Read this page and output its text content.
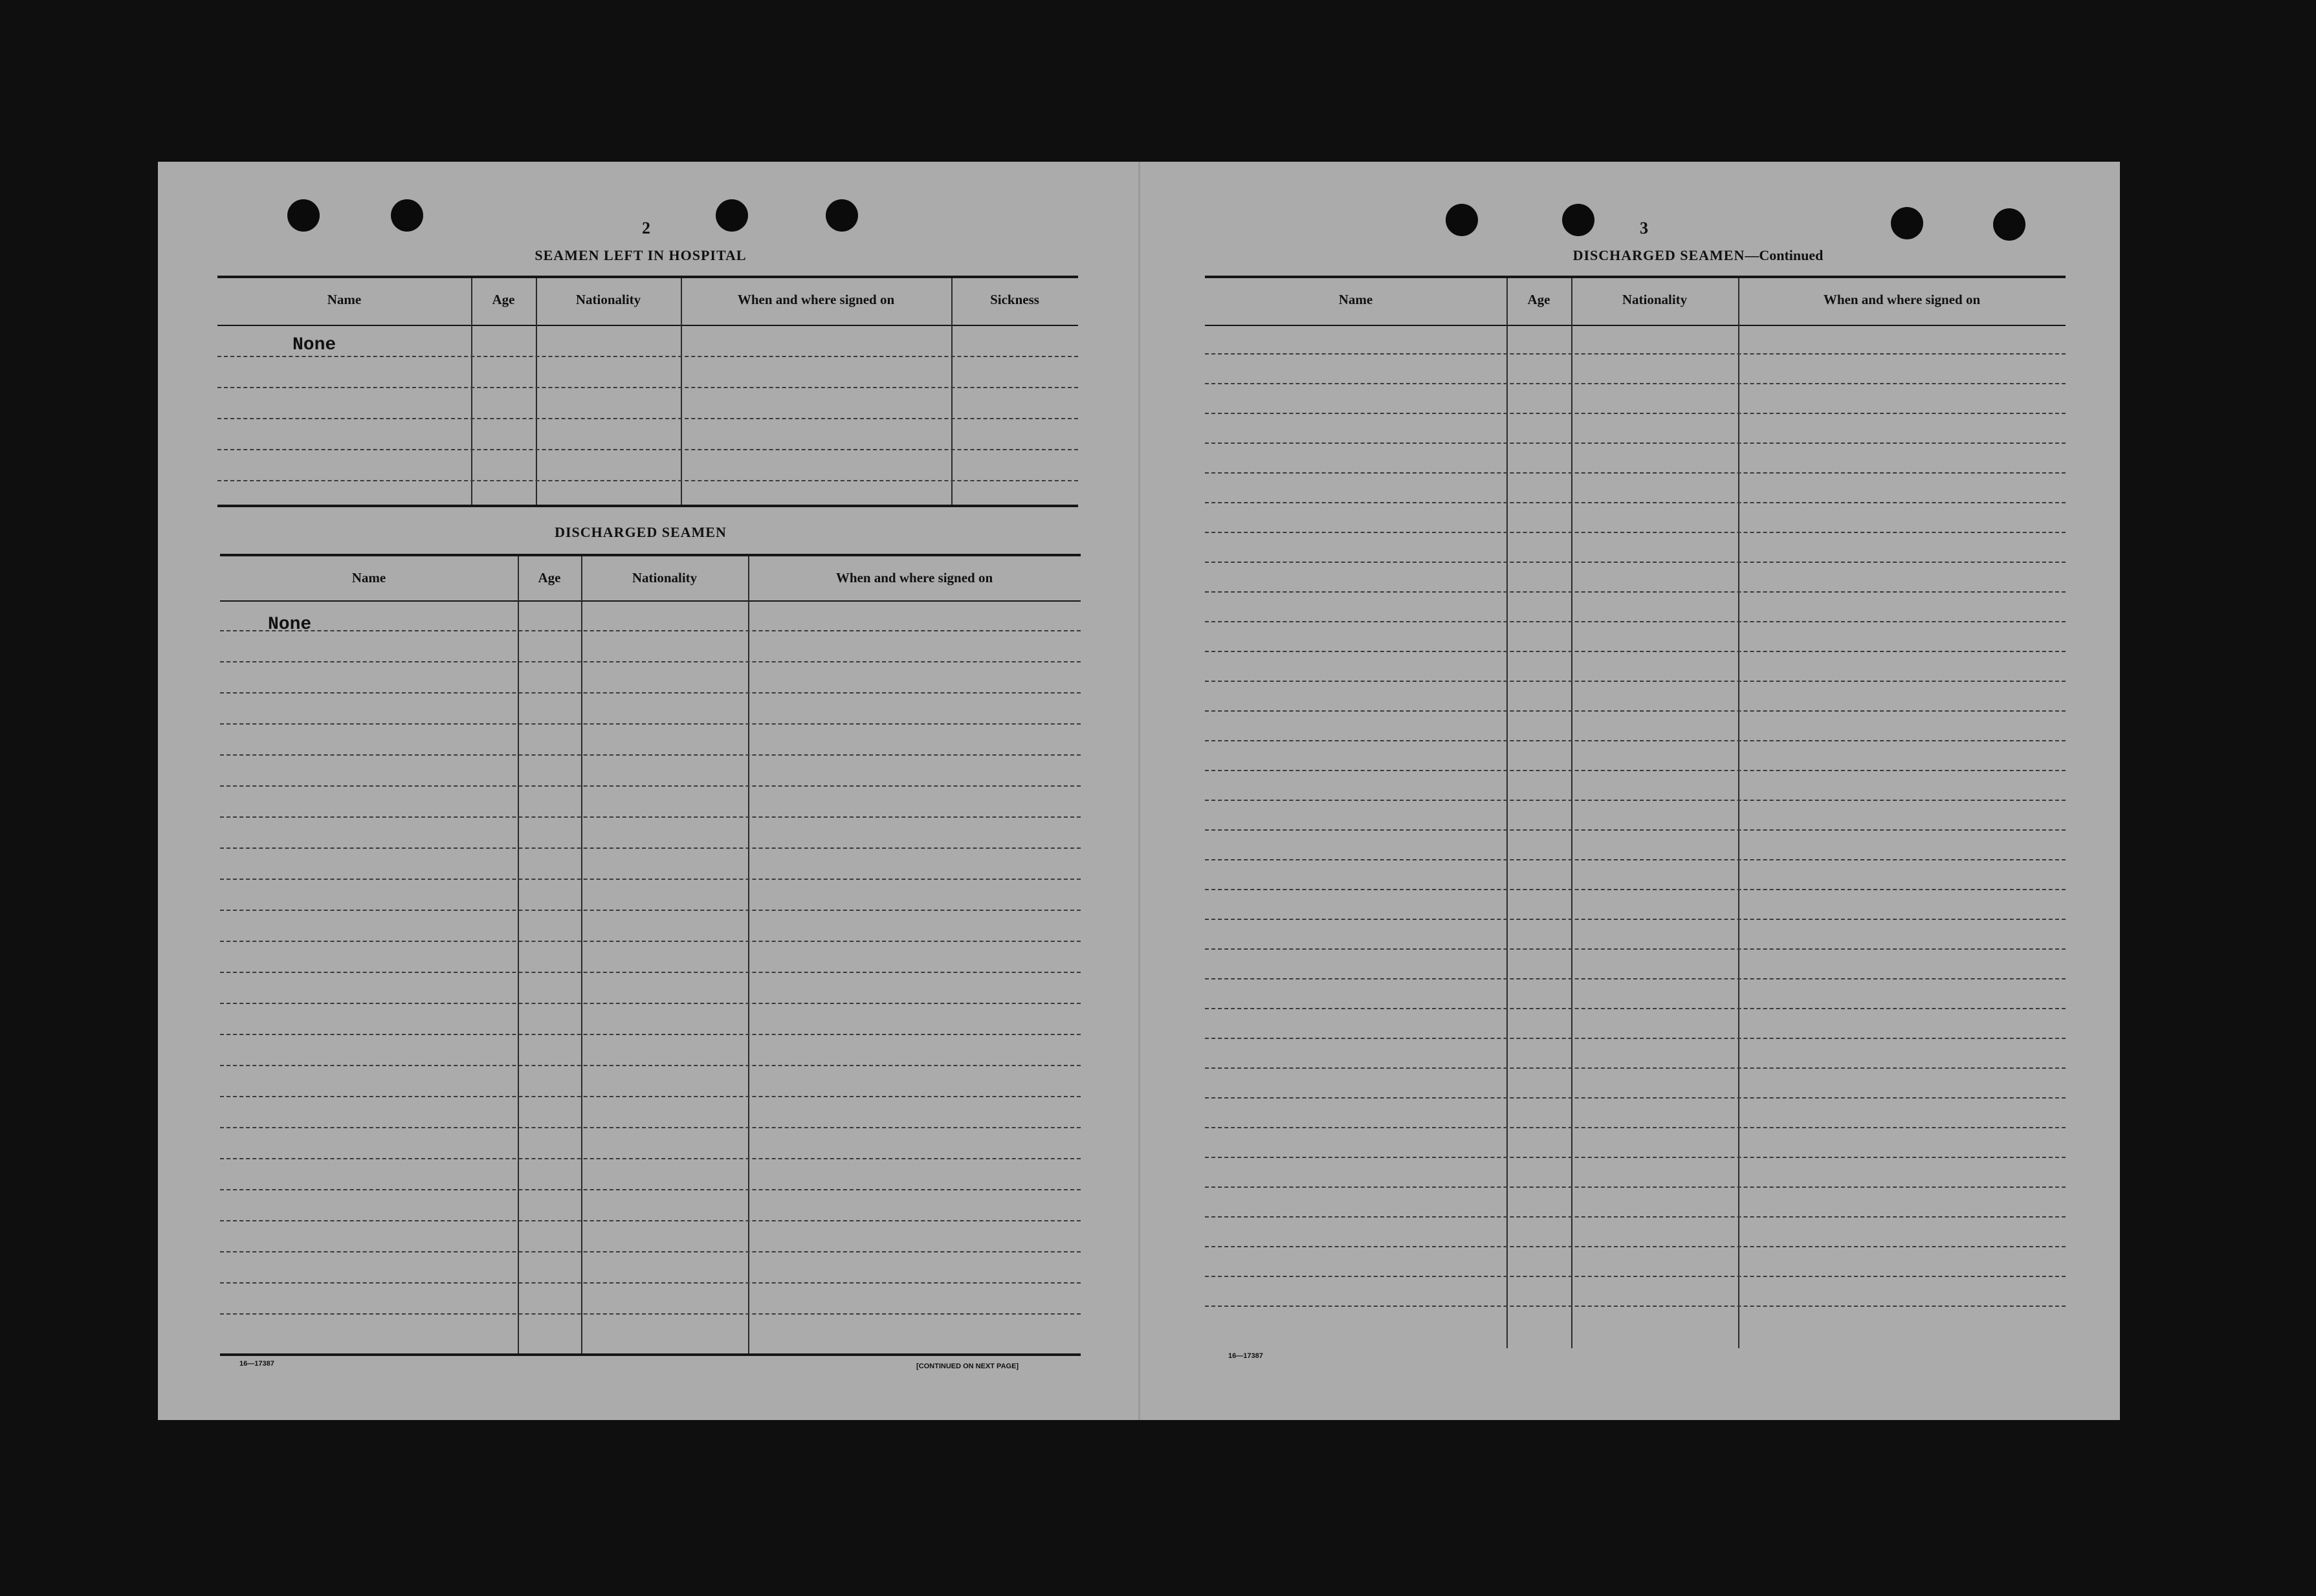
2
SEAMEN LEFT IN HOSPITAL
Name	Age	Nationality	When and where signed on	Sickness
None
DISCHARGED SEAMEN
Name	Age	Nationality	When and where signed on
None
16—17387	[CONTINUED ON NEXT PAGE]
3
DISCHARGED SEAMEN—Continued
Name	Age	Nationality	When and where signed on
16—17387
